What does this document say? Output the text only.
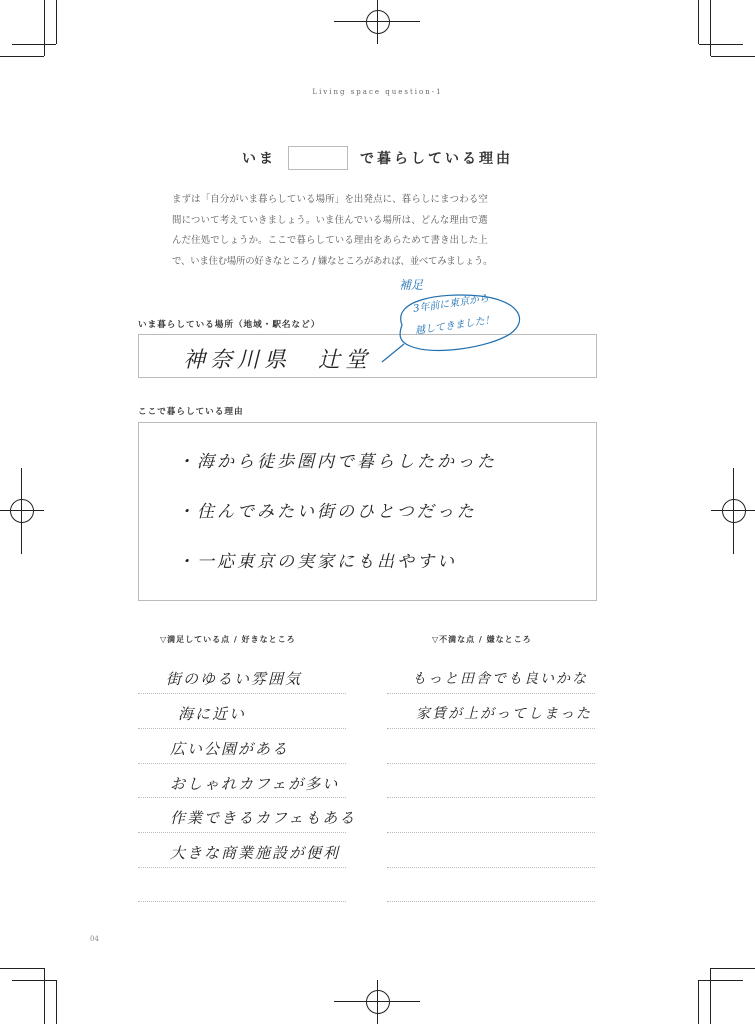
Living space question-1
いま	で暮らしている理由
まずは「自分がいま暮らしている場所」を出発点に、暮らしにまつわる空
間について考えていきましょう。いま住んでいる場所は、どんな理由で選
んだ住処でしょうか。ここで暮らしている理由をあらためて書き出した上
で、いま住む場所の好きなところ / 嫌なところがあれば、並べてみましょう。
いま暮らしている場所（地域・駅名など）
神奈川県　辻堂
補足
3年前に東京から
越してきました！
ここで暮らしている理由
・海から徒歩圏内で暮らしたかった
・住んでみたい街のひとつだった
・一応東京の実家にも出やすい
▽満足している点 / 好きなところ
街のゆるい雰囲気
海に近い
広い公園がある
おしゃれカフェが多い
作業できるカフェもある
大きな商業施設が便利
▽不満な点 / 嫌なところ
もっと田舎でも良いかな
家賃が上がってしまった
04
